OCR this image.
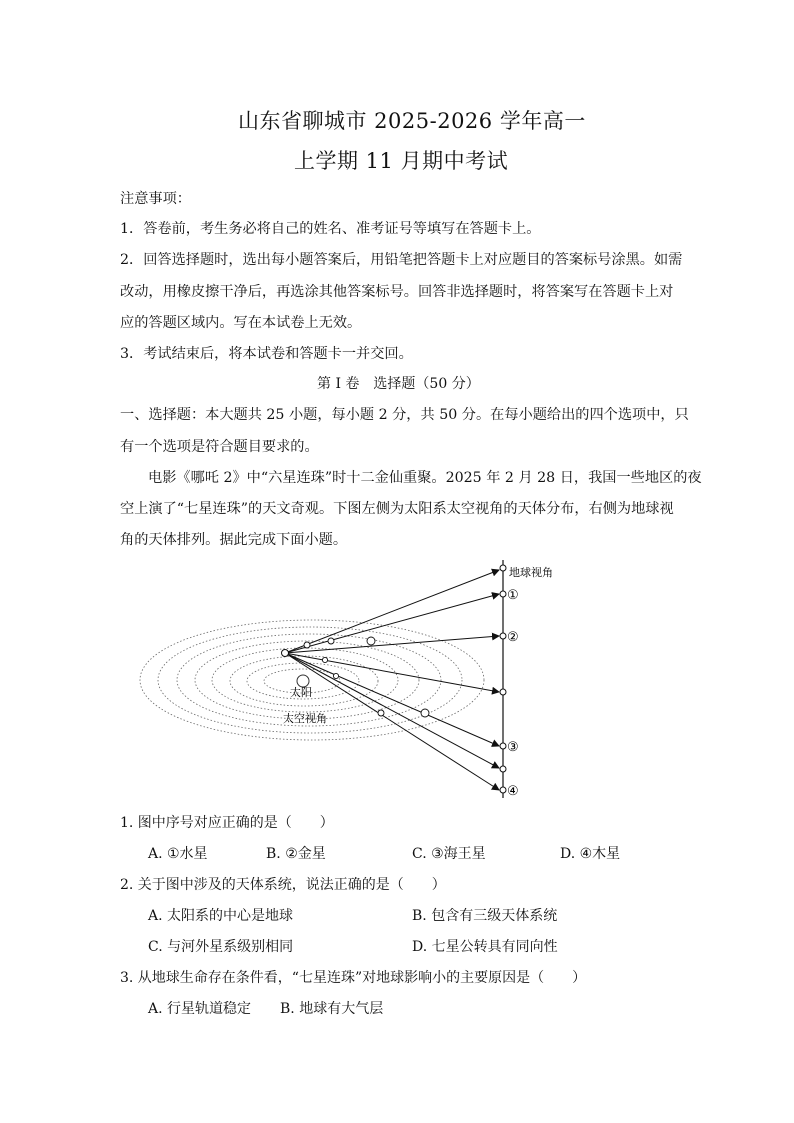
山东省聊城市 2025-2026 学年高一
上学期 11 月期中考试
注意事项：
1．答卷前，考生务必将自己的姓名、准考证号等填写在答题卡上。
2．回答选择题时，选出每小题答案后，用铅笔把答题卡上对应题目的答案标号涂黑。如需
改动，用橡皮擦干净后，再选涂其他答案标号。回答非选择题时，将答案写在答题卡上对
应的答题区域内。写在本试卷上无效。
3．考试结束后，将本试卷和答题卡一并交回。
第 I 卷　选择题（50 分）
一、选择题：本大题共 25 小题，每小题 2 分，共 50 分。在每小题给出的四个选项中，只
有一个选项是符合题目要求的。
电影《哪吒 2》中“六星连珠”时十二金仙重聚。2025 年 2 月 28 日，我国一些地区的夜
空上演了“七星连珠”的天文奇观。下图左侧为太阳系太空视角的天体分布，右侧为地球视
角的天体排列。据此完成下面小题。
地球视角
①
②
③
④
太阳
太空视角
1. 图中序号对应正确的是（　　）
A. ①水星	B. ②金星	C. ③海王星	D. ④木星
2. 关于图中涉及的天体系统，说法正确的是（　　）
A. 太阳系的中心是地球	B. 包含有三级天体系统
C. 与河外星系级别相同	D. 七星公转具有同向性
3. 从地球生命存在条件看，“七星连珠”对地球影响小的主要原因是（　　）
A. 行星轨道稳定 B. 地球有大气层
